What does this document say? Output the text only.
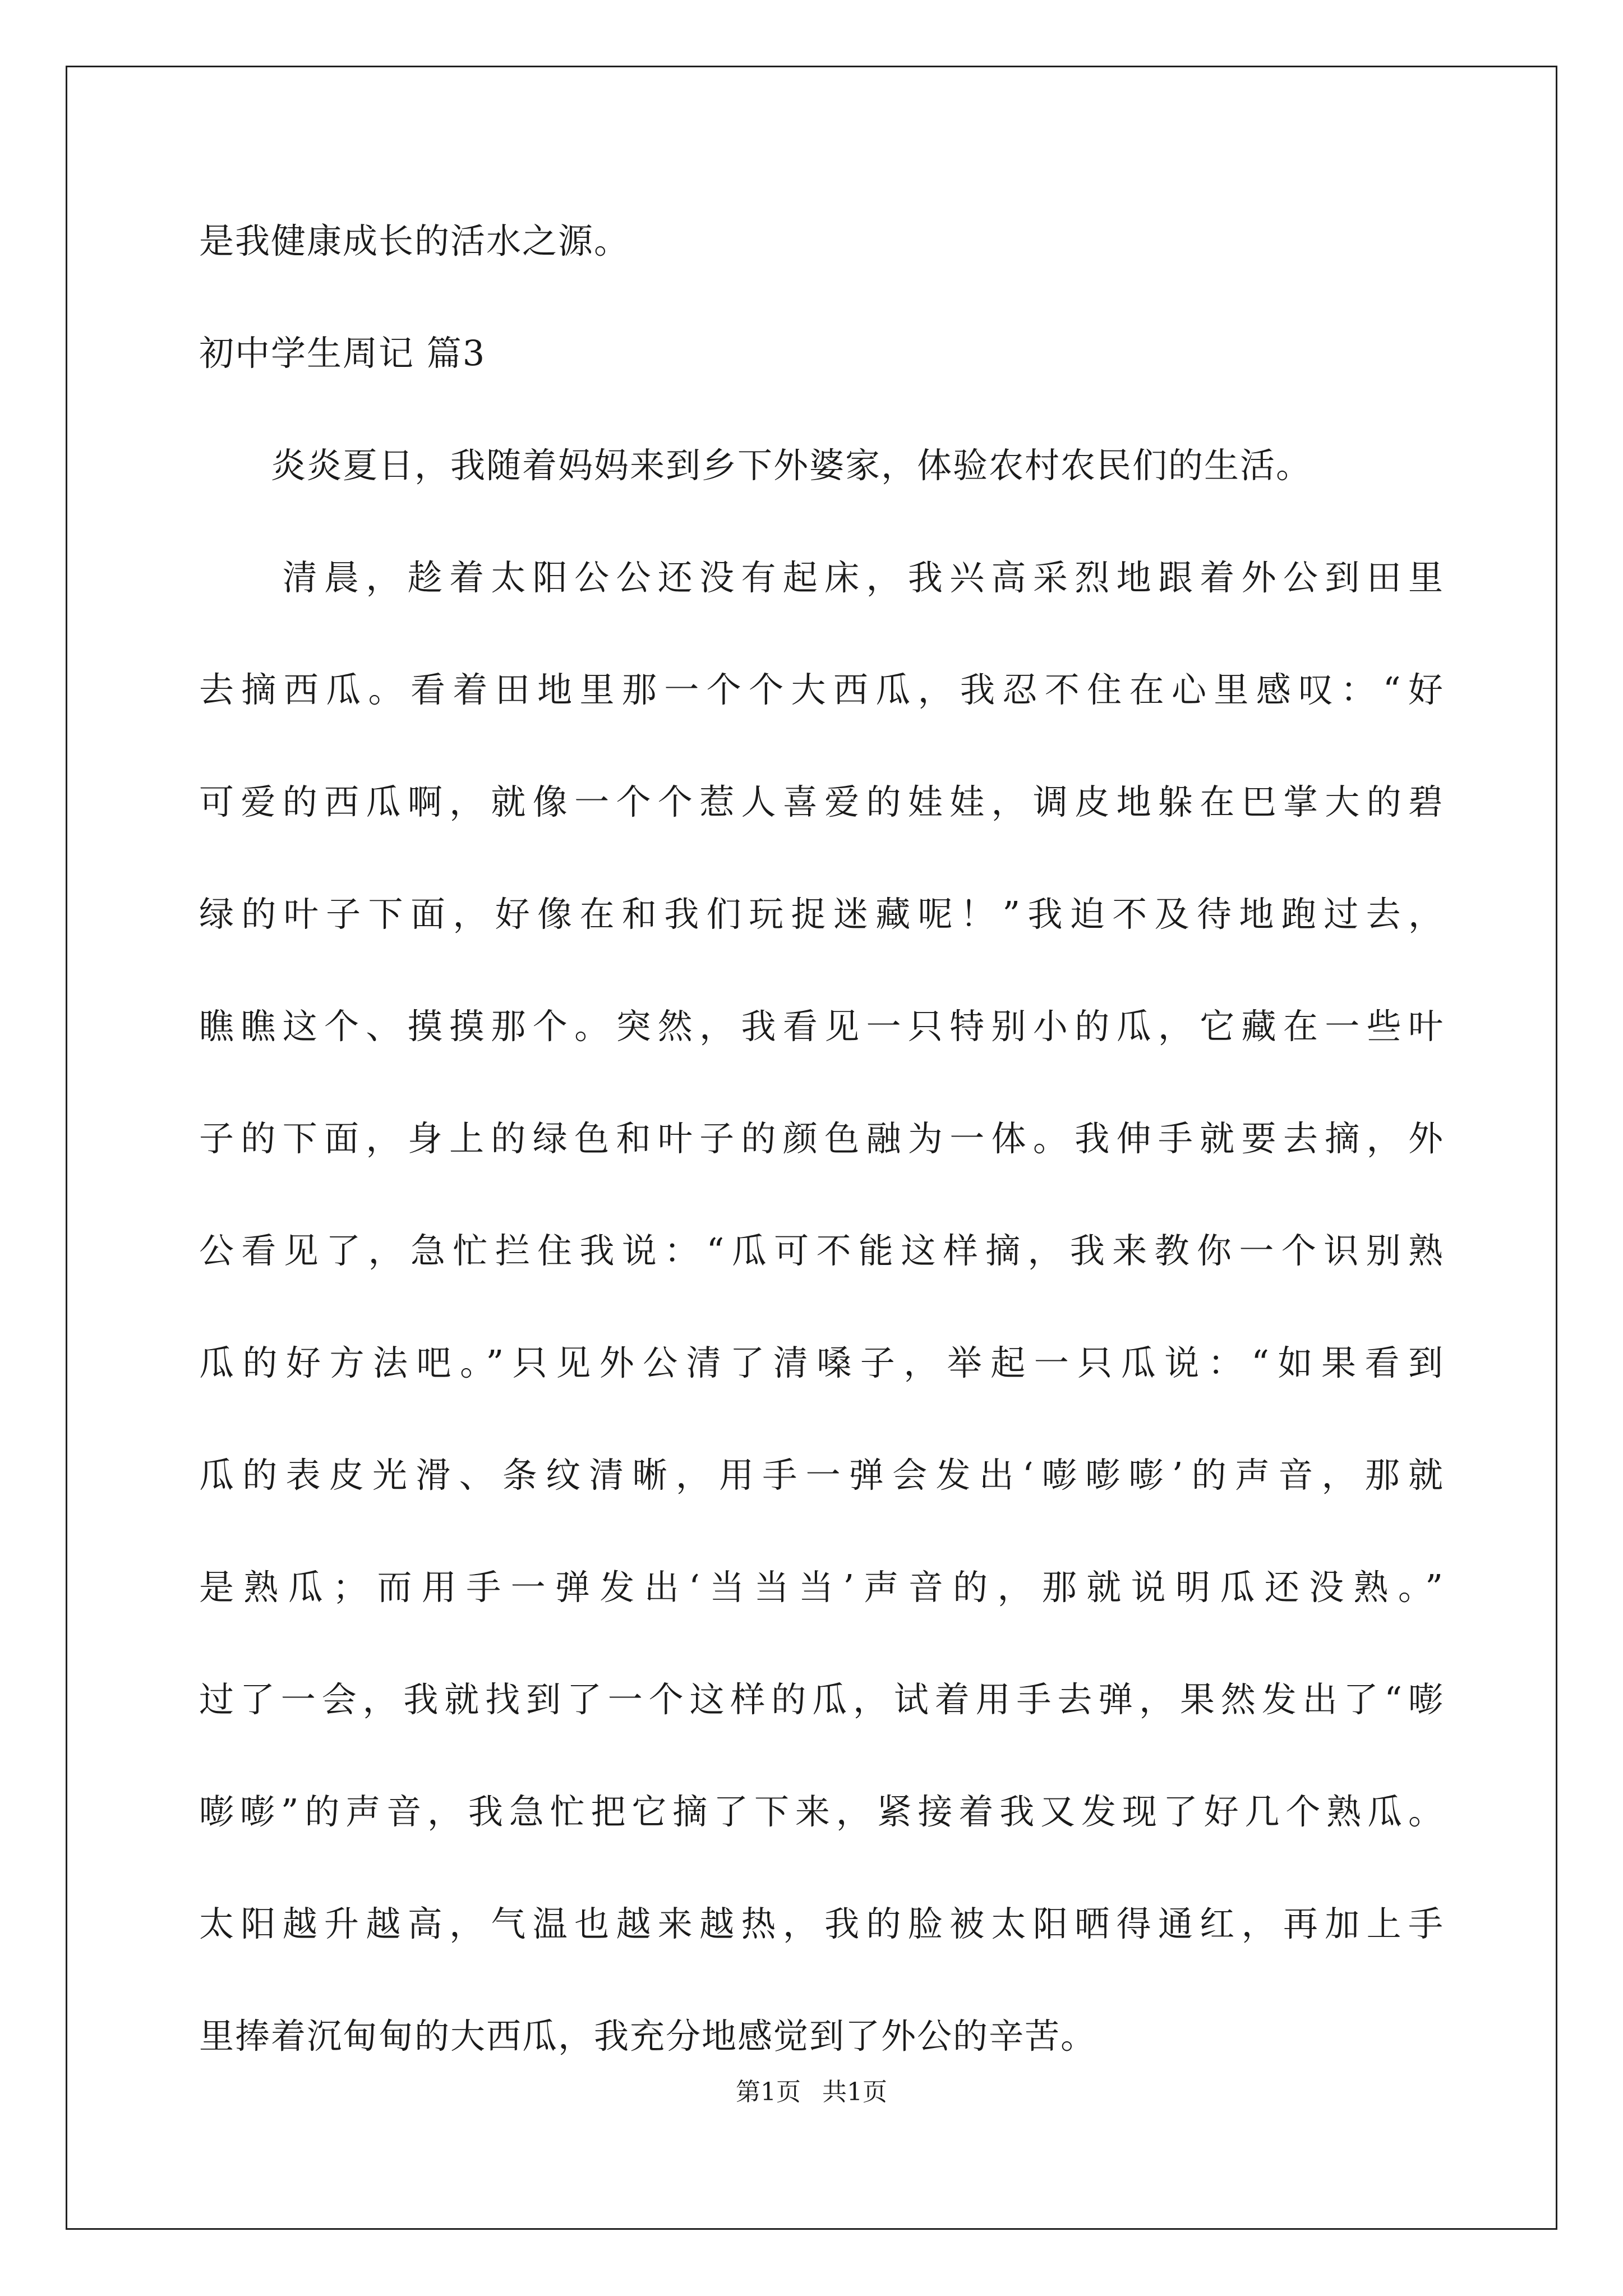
是我健康成长的活水之源。
初中学生周记 篇3
　　炎炎夏日，我随着妈妈来到乡下外婆家，体验农村农民们的生活。
　　清晨，趁着太阳公公还没有起床，我兴高采烈地跟着外公到田里
去摘西瓜。看着田地里那一个个大西瓜，我忍不住在心里感叹：“好
可爱的西瓜啊，就像一个个惹人喜爱的娃娃，调皮地躲在巴掌大的碧
绿的叶子下面，好像在和我们玩捉迷藏呢！”我迫不及待地跑过去，
瞧瞧这个、摸摸那个。突然，我看见一只特别小的瓜，它藏在一些叶
子的下面，身上的绿色和叶子的颜色融为一体。我伸手就要去摘，外
公看见了，急忙拦住我说：“瓜可不能这样摘，我来教你一个识别熟
瓜的好方法吧。”只见外公清了清嗓子，举起一只瓜说：“如果看到
瓜的表皮光滑、条纹清晰，用手一弹会发出‘嘭嘭嘭’的声音，那就
是熟瓜；而用手一弹发出‘当当当’声音的，那就说明瓜还没熟。”
过了一会，我就找到了一个这样的瓜，试着用手去弹，果然发出了“嘭
嘭嘭”的声音，我急忙把它摘了下来，紧接着我又发现了好几个熟瓜。
太阳越升越高，气温也越来越热，我的脸被太阳晒得通红，再加上手
里捧着沉甸甸的大西瓜，我充分地感觉到了外公的辛苦。
第1页 共1页
